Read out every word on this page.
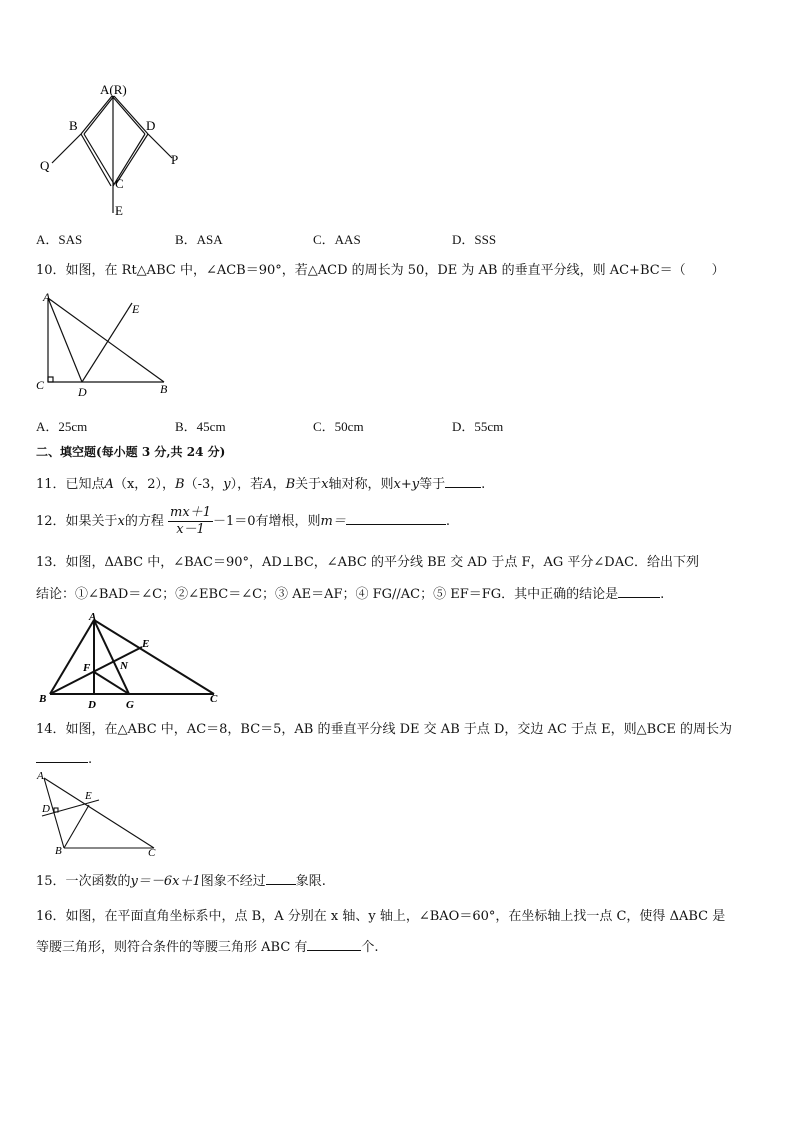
A(R)
B	D
Q	P
C
E
A．SAS	B．ASA	C．AAS	D．SSS
10．如图，在 Rt△ABC 中，∠ACB＝90°，若△ACD 的周长为 50，DE 为 AB 的垂直平分线，则 AC+BC＝（　　）
A
E
C	D	B
A．25cm	B．45cm	C．50cm	D．55cm
二、填空题(每小题 3 分,共 24 分)
11．已知点A（x，2），B（-3，y），若A，B关于x轴对称，则x+y等于	.
12．如果关于x的方程 $\frac{mx+1}{x-1} -1=0$有增根，则m＝	.
13．如图，ΔABC 中，∠BAC＝90°，AD⊥BC，∠ABC 的平分线 BE 交 AD 于点 F，AG 平分∠DAC．给出下列
结论：①∠BAD＝∠C；②∠EBC＝∠C；③ AE＝AF；④ FG//AC；⑤ EF＝FG．其中正确的结论是	.
A
E
F	N
B	D	G	C
14．如图，在△ABC 中，AC＝8，BC＝5，AB 的垂直平分线 DE 交 AB 于点 D，交边 AC 于点 E，则△BCE 的周长为
.
A
D
E
B	C
15．一次函数的y＝－6x＋1图象不经过 象限.
16．如图，在平面直角坐标系中，点 B，A 分别在 x 轴、y 轴上，∠BAO＝60°，在坐标轴上找一点 C，使得 ΔABC 是
等腰三角形，则符合条件的等腰三角形 ABC 有	个.
